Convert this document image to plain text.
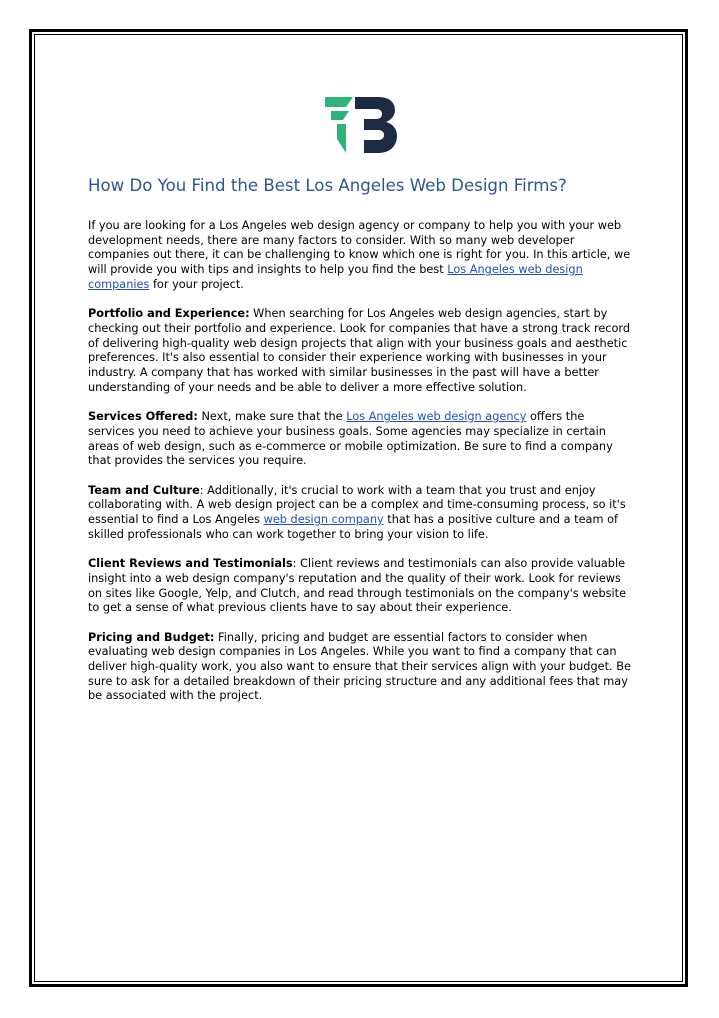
How Do You Find the Best Los Angeles Web Design Firms?

If you are looking for a Los Angeles web design agency or company to help you with your web development needs, there are many factors to consider. With so many web developer companies out there, it can be challenging to know which one is right for you. In this article, we will provide you with tips and insights to help you find the best Los Angeles web design companies for your project.

Portfolio and Experience: When searching for Los Angeles web design agencies, start by checking out their portfolio and experience. Look for companies that have a strong track record of delivering high-quality web design projects that align with your business goals and aesthetic preferences. It's also essential to consider their experience working with businesses in your industry. A company that has worked with similar businesses in the past will have a better understanding of your needs and be able to deliver a more effective solution.

Services Offered: Next, make sure that the Los Angeles web design agency offers the services you need to achieve your business goals. Some agencies may specialize in certain areas of web design, such as e-commerce or mobile optimization. Be sure to find a company that provides the services you require.

Team and Culture: Additionally, it's crucial to work with a team that you trust and enjoy collaborating with. A web design project can be a complex and time-consuming process, so it's essential to find a Los Angeles web design company that has a positive culture and a team of skilled professionals who can work together to bring your vision to life.

Client Reviews and Testimonials: Client reviews and testimonials can also provide valuable insight into a web design company's reputation and the quality of their work. Look for reviews on sites like Google, Yelp, and Clutch, and read through testimonials on the company's website to get a sense of what previous clients have to say about their experience.

Pricing and Budget: Finally, pricing and budget are essential factors to consider when evaluating web design companies in Los Angeles. While you want to find a company that can deliver high-quality work, you also want to ensure that their services align with your budget. Be sure to ask for a detailed breakdown of their pricing structure and any additional fees that may be associated with the project.
